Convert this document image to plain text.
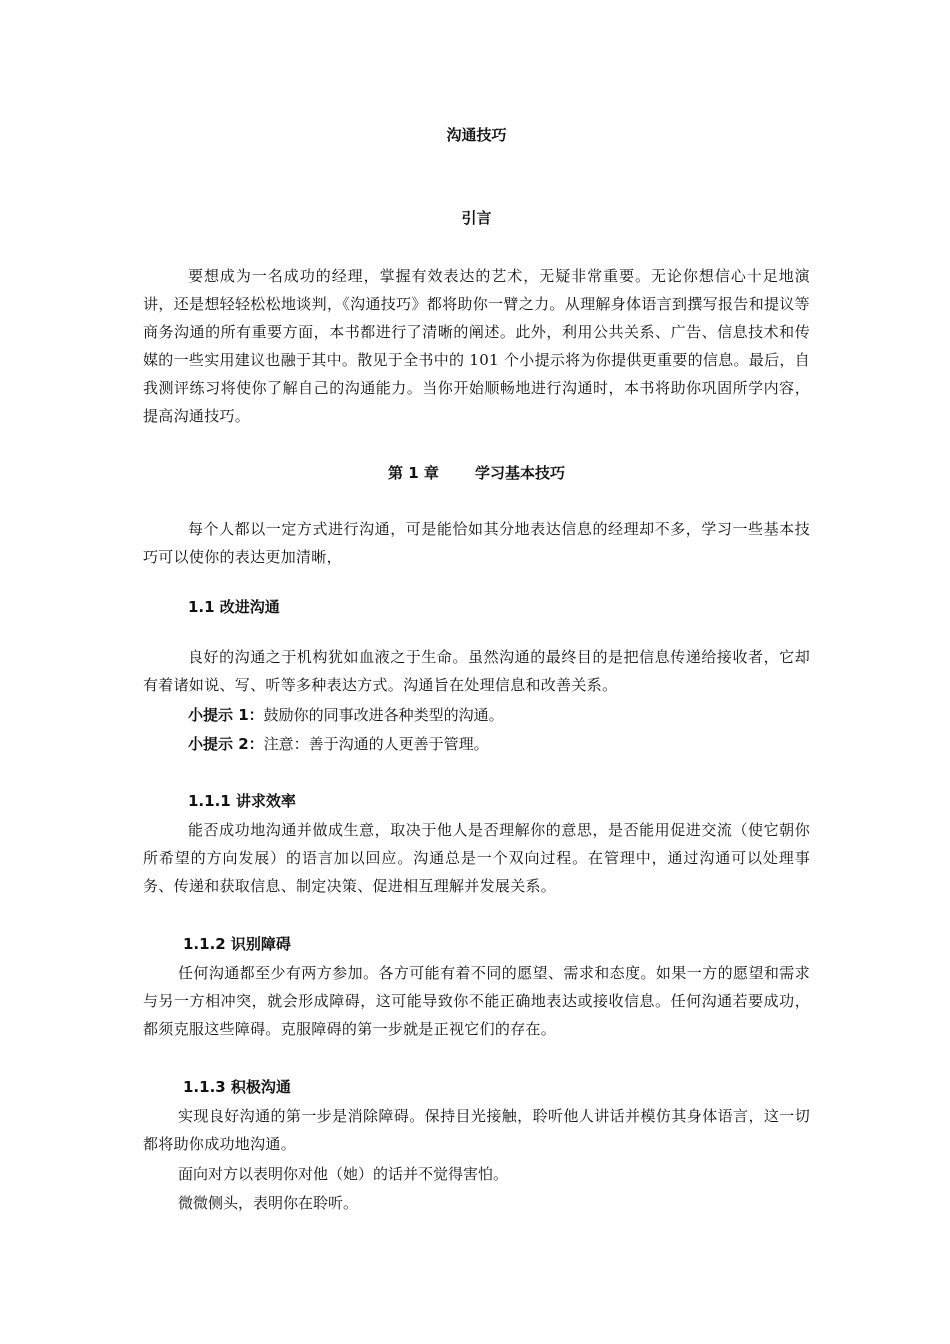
沟通技巧
引言

要想成为一名成功的经理，掌握有效表达的艺术，无疑非常重要。无论你想信心十足地演讲，还是想轻轻松松地谈判，《沟通技巧》都将助你一臂之力。从理解身体语言到撰写报告和提议等商务沟通的所有重要方面，本书都进行了清晰的阐述。此外，利用公共关系、广告、信息技术和传媒的一些实用建议也融于其中。散见于全书中的 101 个小提示将为你提供更重要的信息。最后，自我测评练习将使你了解自己的沟通能力。当你开始顺畅地进行沟通时，本书将助你巩固所学内容，提高沟通技巧。

第 1 章 学习基本技巧

每个人都以一定方式进行沟通，可是能恰如其分地表达信息的经理却不多，学习一些基本技巧可以使你的表达更加清晰，

1.1 改进沟通

良好的沟通之于机构犹如血液之于生命。虽然沟通的最终目的是把信息传递给接收者，它却有着诸如说、写、听等多种表达方式。沟通旨在处理信息和改善关系。

小提示 1：鼓励你的同事改进各种类型的沟通。

小提示 2：注意：善于沟通的人更善于管理。

1.1.1 讲求效率

能否成功地沟通并做成生意，取决于他人是否理解你的意思，是否能用促进交流（使它朝你所希望的方向发展）的语言加以回应。沟通总是一个双向过程。在管理中，通过沟通可以处理事务、传递和获取信息、制定决策、促进相互理解并发展关系。

1.1.2 识别障碍

任何沟通都至少有两方参加。各方可能有着不同的愿望、需求和态度。如果一方的愿望和需求与另一方相冲突，就会形成障碍，这可能导致你不能正确地表达或接收信息。任何沟通若要成功，都须克服这些障碍。克服障碍的第一步就是正视它们的存在。

1.1.3 积极沟通

实现良好沟通的第一步是消除障碍。保持目光接触，聆听他人讲话并模仿其身体语言，这一切都将助你成功地沟通。

面向对方以表明你对他（她）的话并不觉得害怕。

微微侧头，表明你在聆听。
